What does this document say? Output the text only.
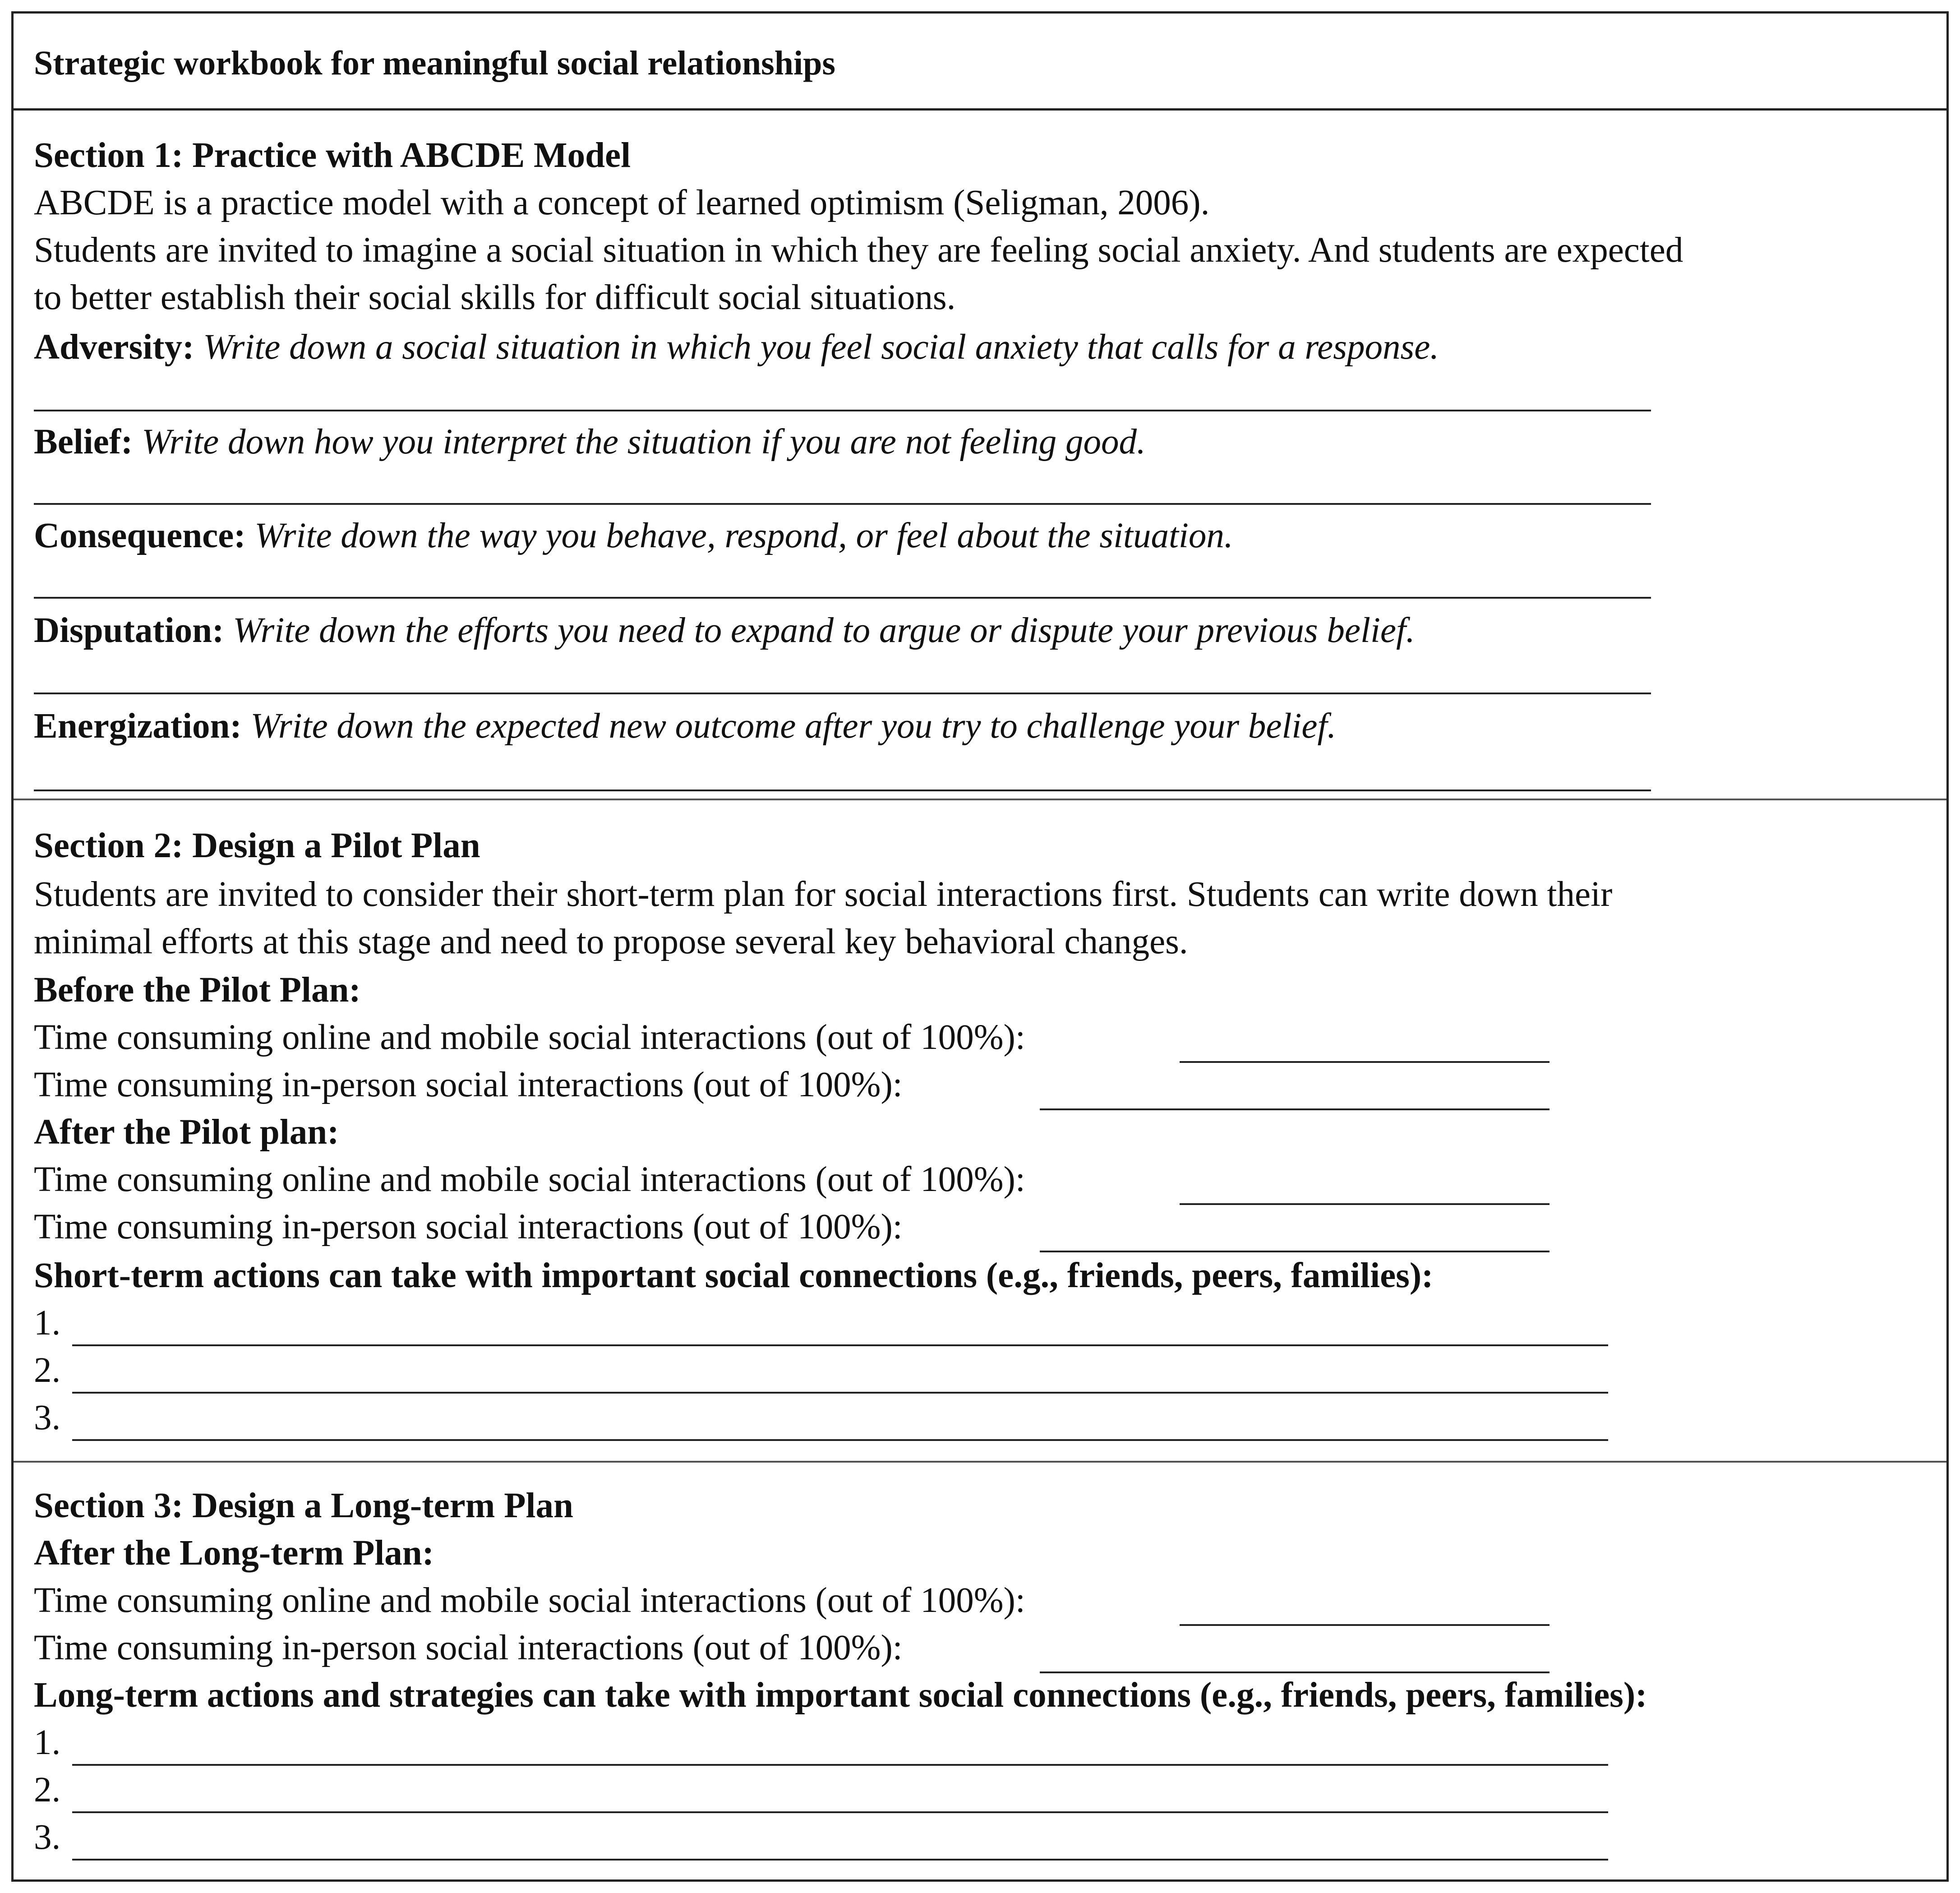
Strategic workbook for meaningful social relationships
Section 1: Practice with ABCDE Model
ABCDE is a practice model with a concept of learned optimism (Seligman, 2006).
Students are invited to imagine a social situation in which they are feeling social anxiety. And students are expected
to better establish their social skills for difficult social situations.
Adversity: Write down a social situation in which you feel social anxiety that calls for a response.
Belief: Write down how you interpret the situation if you are not feeling good.
Consequence: Write down the way you behave, respond, or feel about the situation.
Disputation: Write down the efforts you need to expand to argue or dispute your previous belief.
Energization: Write down the expected new outcome after you try to challenge your belief.
Section 2: Design a Pilot Plan
Students are invited to consider their short-term plan for social interactions first. Students can write down their
minimal efforts at this stage and need to propose several key behavioral changes.
Before the Pilot Plan:
Time consuming online and mobile social interactions (out of 100%):
Time consuming in-person social interactions (out of 100%):
After the Pilot plan:
Time consuming online and mobile social interactions (out of 100%):
Time consuming in-person social interactions (out of 100%):
Short-term actions can take with important social connections (e.g., friends, peers, families):
1.
2.
3.
Section 3: Design a Long-term Plan
After the Long-term Plan:
Time consuming online and mobile social interactions (out of 100%):
Time consuming in-person social interactions (out of 100%):
Long-term actions and strategies can take with important social connections (e.g., friends, peers, families):
1.
2.
3.
